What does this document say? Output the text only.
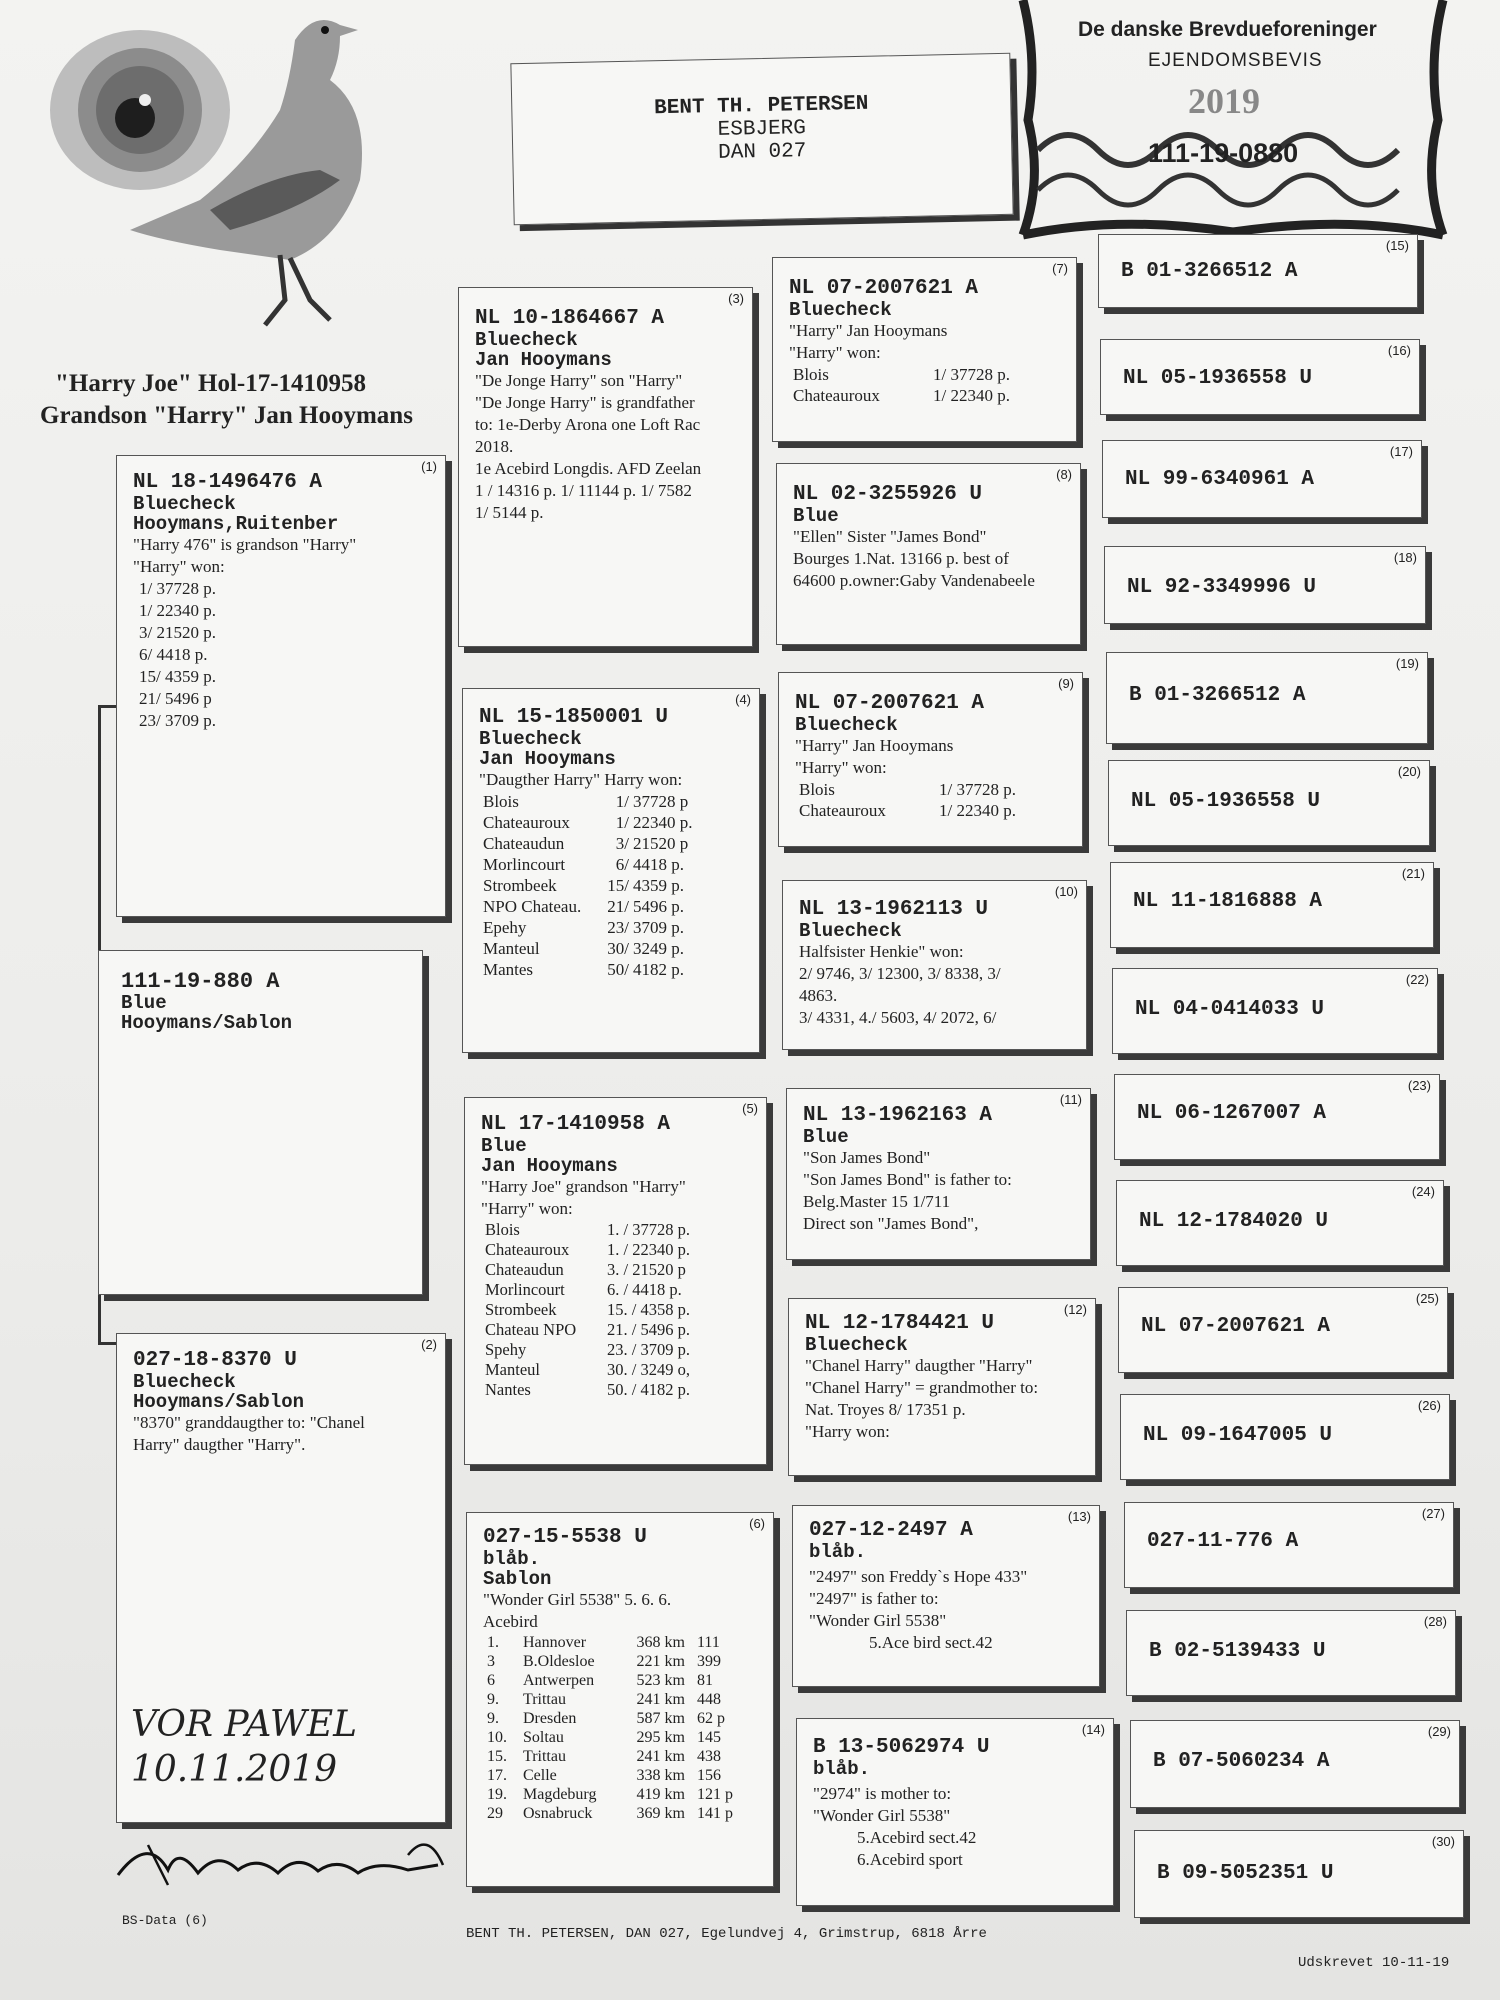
BENT TH. PETERSEN
ESBJERG
DAN 027
De danske Brevdueforeninger
EJENDOMSBEVIS
2019
111-19-0880
"Harry Joe" Hol-17-1410958
Grandson "Harry" Jan Hooymans
111-19-880 A
Blue
Hooymans/Sablon
(1)
NL 18-1496476 A
Bluecheck
Hooymans,Ruitenber
"Harry 476" is grandson "Harry"
"Harry" won:
1/ 37728 p.
1/ 22340 p.
3/ 21520 p.
6/ 4418 p.
15/ 4359 p.
21/ 5496 p
23/ 3709 p.
(2)
027-18-8370 U
Bluecheck
Hooymans/Sablon
"8370" granddaugther to: "Chanel
Harry" daugther "Harry".
VOR PAWEL
10.11.2019
(3)
NL 10-1864667 A
Bluecheck
Jan Hooymans
"De Jonge Harry" son "Harry"
"De Jonge Harry" is grandfather
to: 1e-Derby Arona one Loft Rac
2018.
1e Acebird Longdis. AFD Zeelan
1 / 14316 p. 1/ 11144 p. 1/ 7582
1/ 5144 p.
(4)
NL 15-1850001 U
Bluecheck
Jan Hooymans
"Daugther Harry" Harry won:
Blois	1/	37728 p
Chateauroux	1/	22340 p.
Chateaudun	3/	21520 p
Morlincourt	6/	4418 p.
Strombeek	15/	4359 p.
NPO Chateau.	21/	5496 p.
Epehy	23/	3709 p.
Manteul	30/	3249 p.
Mantes	50/	4182 p.
(5)
NL 17-1410958 A
Blue
Jan Hooymans
"Harry Joe" grandson "Harry"
"Harry" won:
Blois	1. / 37728 p.
Chateauroux	1. / 22340 p.
Chateaudun	3. / 21520 p
Morlincourt	6. / 4418 p.
Strombeek	15. / 4358 p.
Chateau NPO	21. / 5496 p.
Spehy	23. / 3709 p.
Manteul	30. / 3249 o,
Nantes	50. / 4182 p.
(6)
027-15-5538 U
blåb.
Sablon
"Wonder Girl 5538" 5. 6. 6.
Acebird
1.	Hannover	368 km	111
3	B.Oldesloe	221 km	399
6	Antwerpen	523 km	81
9.	Trittau	241 km	448
9.	Dresden	587 km	62 p
10.	Soltau	295 km	145
15.	Trittau	241 km	438
17.	Celle	338 km	156
19.	Magdeburg	419 km	121 p
29	Osnabruck	369 km	141 p
(7)
NL 07-2007621 A
Bluecheck
"Harry" Jan Hooymans
"Harry" won:
Blois	1/ 37728 p.
Chateauroux	1/ 22340 p.
(8)
NL 02-3255926 U
Blue
"Ellen" Sister "James Bond"
Bourges 1.Nat. 13166 p. best of
64600 p.owner:Gaby Vandenabeele
(9)
NL 07-2007621 A
Bluecheck
"Harry" Jan Hooymans
"Harry" won:
Blois	1/ 37728 p.
Chateauroux	1/ 22340 p.
(10)
NL 13-1962113 U
Bluecheck
Halfsister Henkie" won:
2/ 9746, 3/ 12300, 3/ 8338, 3/
4863.
3/ 4331, 4./ 5603, 4/ 2072, 6/
(11)
NL 13-1962163 A
Blue
"Son James Bond"
"Son James Bond" is father to:
Belg.Master 15 1/711
Direct son "James Bond",
(12)
NL 12-1784421 U
Bluecheck
"Chanel Harry" daugther "Harry"
"Chanel Harry" = grandmother to:
Nat. Troyes 8/ 17351 p.
"Harry won:
(13)
027-12-2497 A
blåb.
"2497" son Freddy`s Hope 433"
"2497" is father to:
"Wonder Girl 5538"
5.Ace bird sect.42
(14)
B 13-5062974 U
blåb.
"2974" is mother to:
"Wonder Girl 5538"
5.Acebird sect.42
6.Acebird sport
(15)
B 01-3266512 A
(16)
NL 05-1936558 U
(17)
NL 99-6340961 A
(18)
NL 92-3349996 U
(19)
B 01-3266512 A
(20)
NL 05-1936558 U
(21)
NL 11-1816888 A
(22)
NL 04-0414033 U
(23)
NL 06-1267007 A
(24)
NL 12-1784020 U
(25)
NL 07-2007621 A
(26)
NL 09-1647005 U
(27)
027-11-776 A
(28)
B 02-5139433 U
(29)
B 07-5060234 A
(30)
B 09-5052351 U
BS-Data (6)
BENT TH. PETERSEN, DAN 027, Egelundvej 4, Grimstrup, 6818 Årre
Udskrevet 10-11-19
